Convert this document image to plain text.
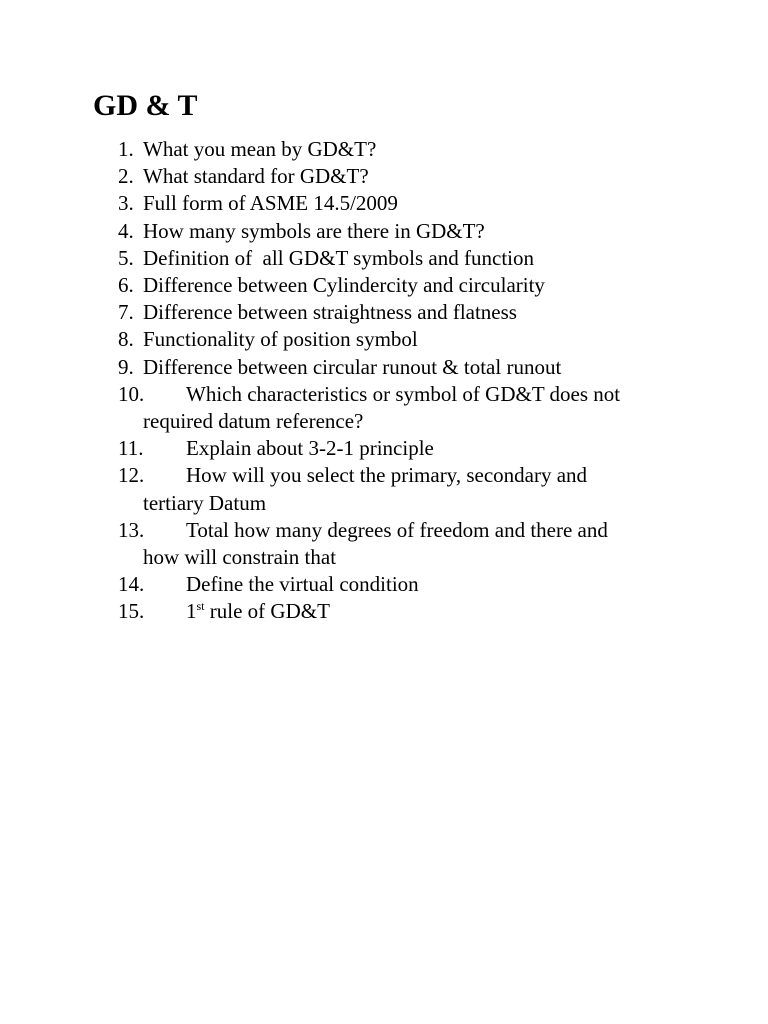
GD & T
1. What you mean by GD&T?
2. What standard for GD&T?
3. Full form of ASME 14.5/2009
4. How many symbols are there in GD&T?
5. Definition of  all GD&T symbols and function
6. Difference between Cylindercity and circularity
7. Difference between straightness and flatness
8. Functionality of position symbol
9. Difference between circular runout & total runout
10. Which characteristics or symbol of GD&T does not
required datum reference?
11. Explain about 3-2-1 principle
12. How will you select the primary, secondary and
tertiary Datum
13. Total how many degrees of freedom and there and
how will constrain that
14. Define the virtual condition
15. 1st rule of GD&T
